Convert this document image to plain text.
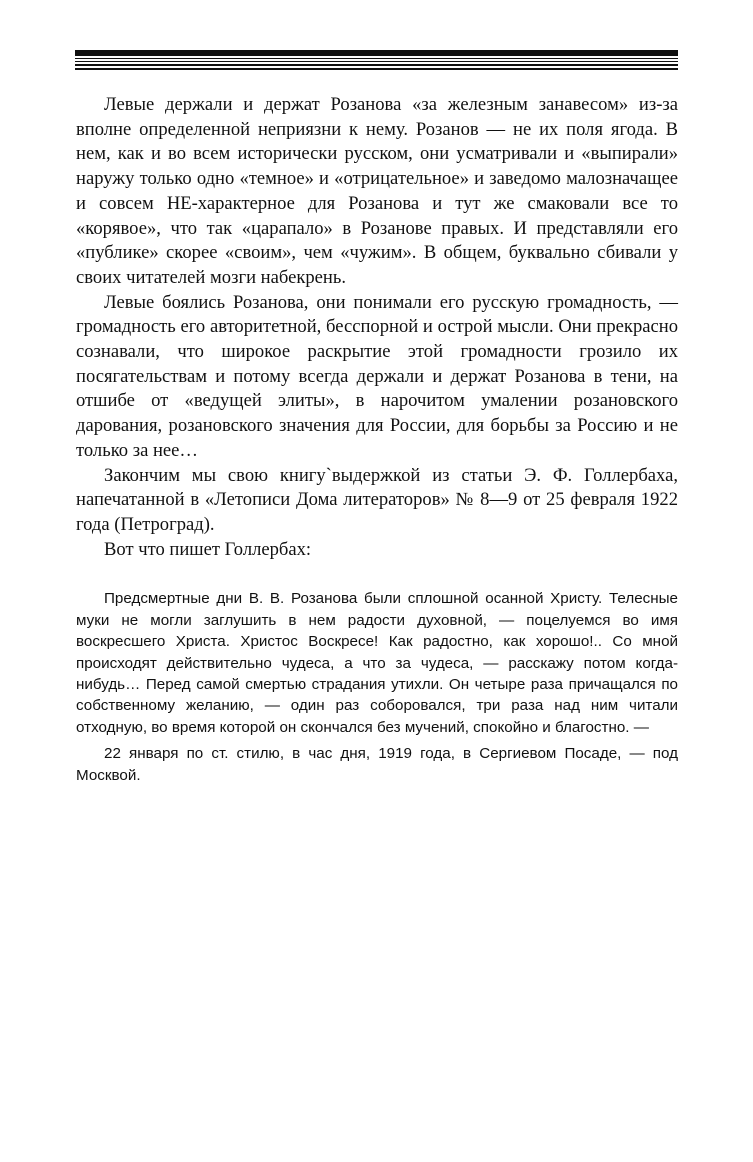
Левые держали и держат Розанова «за железным занавесом» из-за вполне определенной неприязни к нему. Розанов — не их поля ягода. В нем, как и во всем исторически русском, они усматривали и «выпирали» наружу только одно «темное» и «отрицательное» и заведомо малозначащее и совсем НЕ-характерное для Розанова и тут же смаковали все то «корявое», что так «царапало» в Розанове правых. И представляли его «публике» скорее «своим», чем «чужим». В общем, буквально сбивали у своих читателей мозги набекрень.

Левые боялись Розанова, они понимали его русскую громадность, — громадность его авторитетной, бесспорной и острой мысли. Они прекрасно сознавали, что широкое раскрытие этой громадности грозило их посягательствам и потому всегда держали и держат Розанова в тени, на отшибе от «ведущей элиты», в нарочитом умалении розановского дарования, розановского значения для России, для борьбы за Россию и не только за нее…

Закончим мы свою книгу`выдержкой из статьи Э. Ф. Голлербаха, напечатанной в «Летописи Дома литераторов» № 8—9 от 25 февраля 1922 года (Петроград).

Вот что пишет Голлербах:

Предсмертные дни В. В. Розанова были сплошной осанной Христу. Телесные муки не могли заглушить в нем радости духовной, — поцелуемся во имя воскресшего Христа. Христос Воскресе! Как радостно, как хорошо!.. Со мной происходят действительно чудеса, а что за чудеса, — расскажу потом когда-нибудь… Перед самой смертью страдания утихли. Он четыре раза причащался по собственному желанию, — один раз соборовался, три раза над ним читали отходную, во время которой он скончался без мучений, спокойно и благостно. —

22 января по ст. стилю, в час дня, 1919 года, в Сергиевом Посаде, — под Москвой.
